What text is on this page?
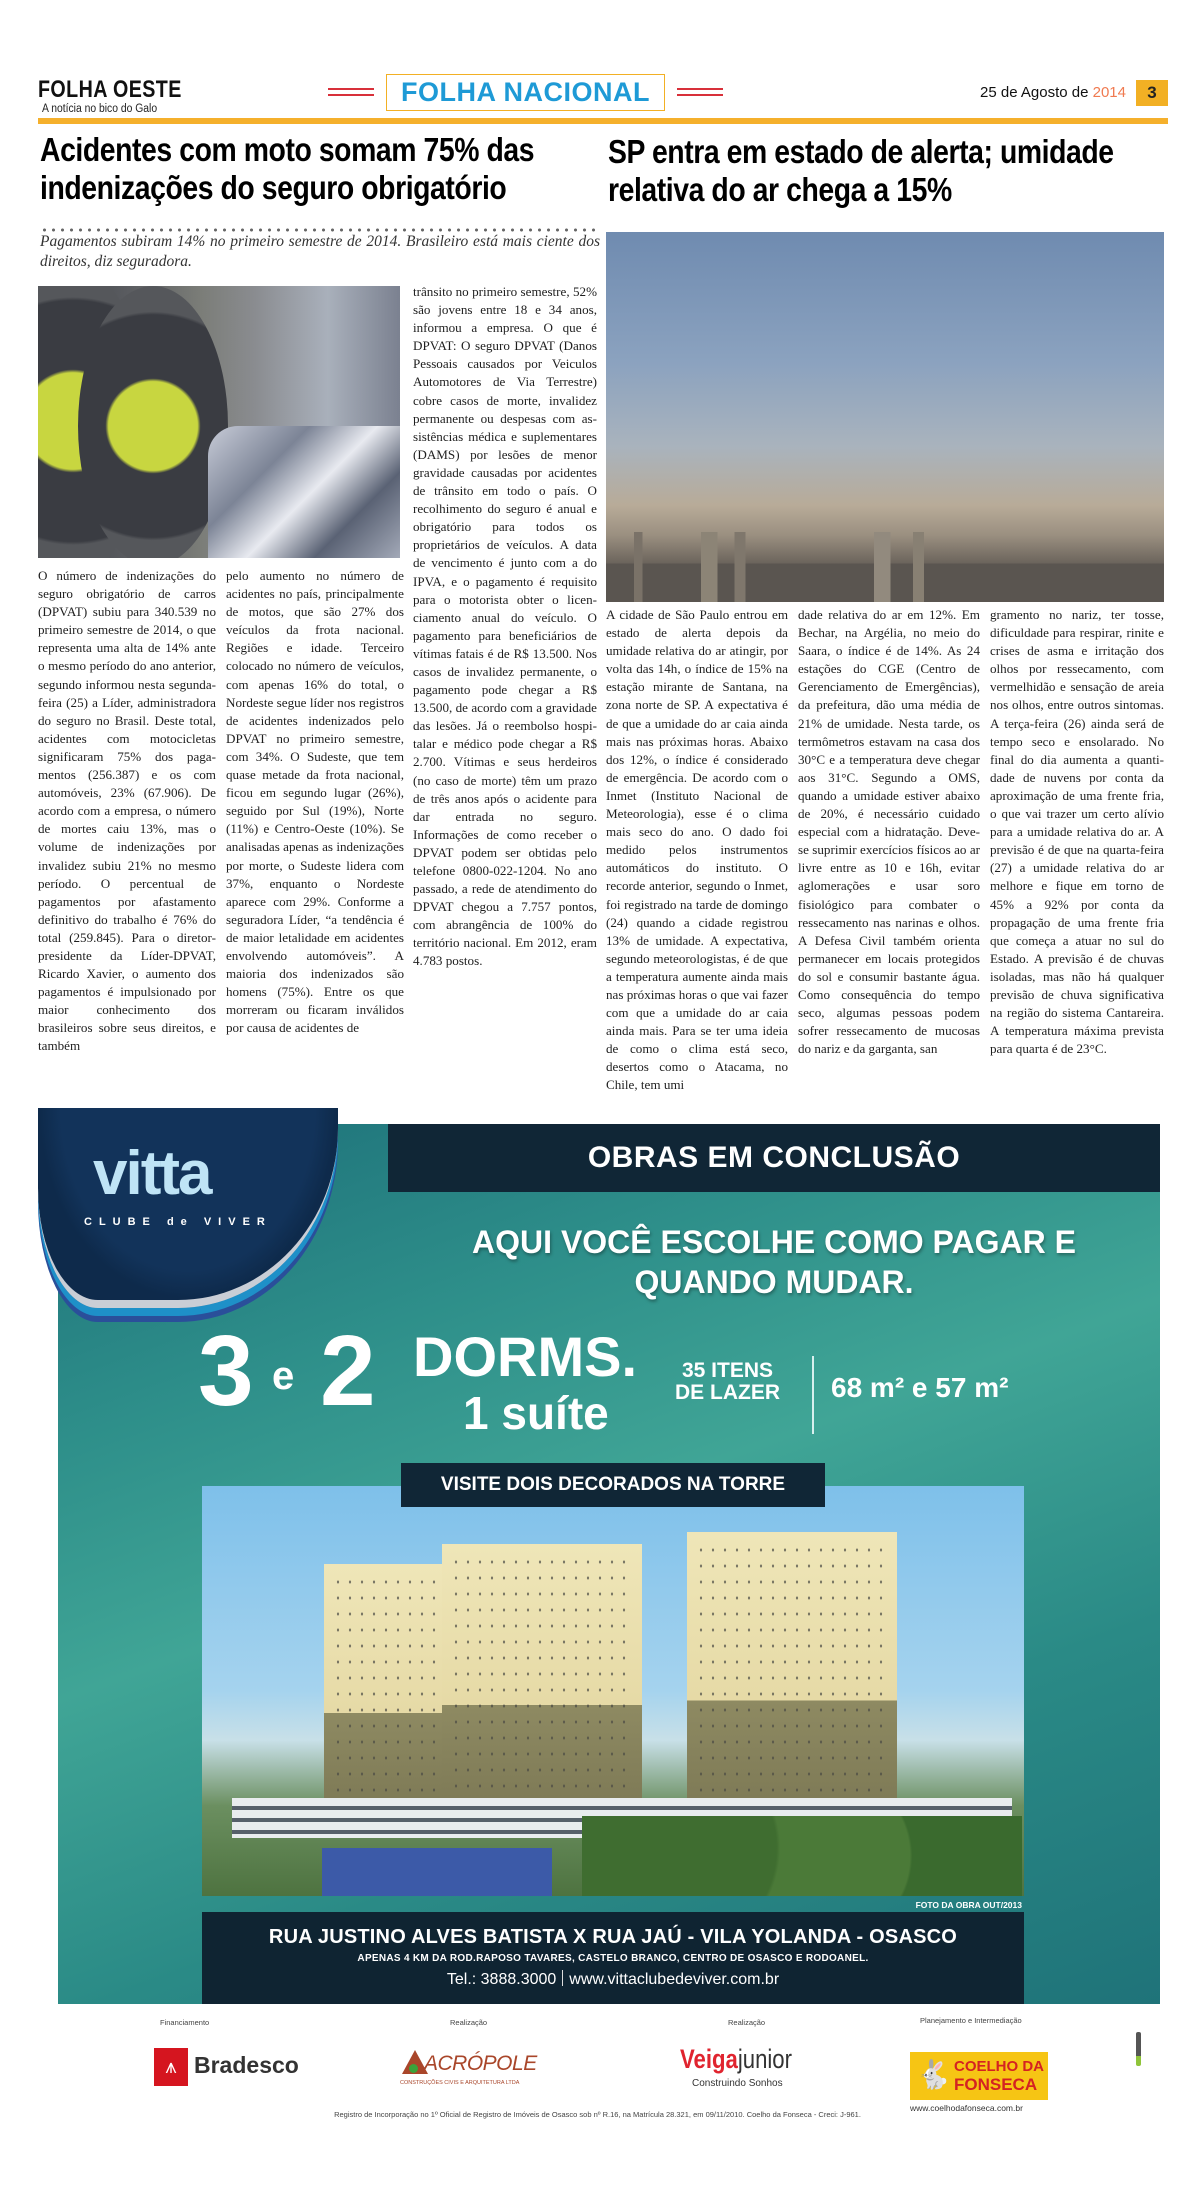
FOLHA OESTE
A notícia no bico do Galo
FOLHA NACIONAL	25 de Agosto de 2014	3
Acidentes com moto somam 75% das
indenizações do seguro obrigatório

Pagamentos subiram 14% no primeiro semestre de 2014. Brasileiro está mais ciente dos direitos, diz seguradora.

O número de indenizações do seguro obrigatório de carros (DPVAT) subiu para 340.539 no primeiro semestre de 2014, o que representa uma alta de 14% ante o mesmo período do ano anterior, segundo informou nesta segunda-feira (25) a Líder, administradora do seguro no Brasil. Deste total, acidentes com motocicletas significaram 75% dos pagamentos (256.387) e os com automóveis, 23% (67.906). De acordo com a empresa, o número de mortes caiu 13%, mas o volume de indenizações por invalidez subiu 21% no mesmo período. O percentual de pagamentos por afastamento definitivo do trabalho é 76% do total (259.845). Para o diretor-presidente da Líder-DPVAT, Ricardo Xavier, o aumento dos pagamentos é impulsionado por maior conhecimento dos brasileiros sobre seus direitos, e também
pelo aumento no número de acidentes no país, principalmente de motos, que são 27% dos veículos da frota nacional. Regiões e idade. Terceiro colocado no número de veículos, com apenas 16% do total, o Nordeste segue líder nos registros de acidentes indenizados pelo DPVAT no primeiro semestre, com 34%. O Sudeste, que tem quase metade da frota nacional, ficou em segundo lugar (26%), seguido por Sul (19%), Norte (11%) e Centro-Oeste (10%). Se analisadas apenas as indenizações por morte, o Sudeste lidera com 37%, enquanto o Nordeste aparece com 29%. Conforme a seguradora Líder, “a tendência é de maior letalidade em acidentes envolvendo automóveis”. A maioria dos indenizados são homens (75%). Entre os que morreram ou ficaram inválidos por causa de acidentes de
trânsito no primeiro semestre, 52% são jovens entre 18 e 34 anos, informou a empresa. O que é DPVAT: O seguro DPVAT (Danos Pessoais causados por Veiculos Automotores de Via Terrestre) cobre casos de morte, invalidez permanente ou despesas com assistências médica e suplementares (DAMS) por lesões de menor gravidade causadas por acidentes de trânsito em todo o país. O recolhimento do seguro é anual e obrigatório para todos os proprietários de veículos. A data de vencimento é junto com a do IPVA, e o pagamento é requisito para o motorista obter o licenciamento anual do veículo. O pagamento para beneficiários de vítimas fatais é de R$ 13.500. Nos casos de invalidez permanente, o pagamento pode chegar a R$ 13.500, de acordo com a gravidade das lesões. Já o reembolso hospitalar e médico pode chegar a R$ 2.700. Vítimas e seus herdeiros (no caso de morte) têm um prazo de três anos após o acidente para dar entrada no seguro. Informações de como receber o DPVAT podem ser obtidas pelo telefone 0800-022-1204. No ano passado, a rede de atendimento do DPVAT chegou a 7.757 pontos, com abrangência de 100% do território nacional. Em 2012, eram 4.783 postos.
SP entra em estado de alerta; umidade
relativa do ar chega a 15%
A cidade de São Paulo entrou em estado de alerta depois da umidade relativa do ar atingir, por volta das 14h, o índice de 15% na estação mirante de Santana, na zona norte de SP. A expectativa é de que a umidade do ar caia ainda mais nas próximas horas. Abaixo dos 12%, o índice é considerado de emergência. De acordo com o Inmet (Instituto Nacional de Meteorologia), esse é o clima mais seco do ano. O dado foi medido pelos instrumentos automáticos do instituto. O recorde anterior, segundo o Inmet, foi registrado na tarde de domingo (24) quando a cidade registrou 13% de umidade. A expectativa, segundo meteorologistas, é de que a temperatura aumente ainda mais nas próximas horas o que vai fazer com que a umidade do ar caia ainda mais. Para se ter uma ideia de como o clima está seco, desertos como o Atacama, no Chile, tem umi
dade relativa do ar em 12%. Em Bechar, na Argélia, no meio do Saara, o índice é de 14%. As 24 estações do CGE (Centro de Gerenciamento de Emergências), da prefeitura, dão uma média de 21% de umidade. Nesta tarde, os termômetros estavam na casa dos 30°C e a temperatura deve chegar aos 31°C. Segundo a OMS, quando a umidade estiver abaixo de 20%, é necessário cuidado especial com a hidratação. Deve-se suprimir exercícios físicos ao ar livre entre as 10 e 16h, evitar aglomerações e usar soro fisiológico para combater o ressecamento nas narinas e olhos. A Defesa Civil também orienta permanecer em locais protegidos do sol e consumir bastante água. Como consequência do tempo seco, algumas pessoas podem sofrer ressecamento de mucosas do nariz e da garganta, san
gramento no nariz, ter tosse, dificuldade para respirar, rinite e crises de asma e irritação dos olhos por ressecamento, com vermelhidão e sensação de areia nos olhos, entre outros sintomas. A terça-feira (26) ainda será de tempo seco e ensolarado. No final do dia aumenta a quantidade de nuvens por conta da aproximação de uma frente fria, o que vai trazer um certo alívio para a umidade relativa do ar. A previsão é de que na quarta-feira (27) a umidade relativa do ar melhore e fique em torno de 45% a 92% por conta da propagação de uma frente fria que começa a atuar no sul do Estado. A previsão é de chuvas isoladas, mas não há qualquer previsão de chuva significativa na região do sistema Cantareira. A temperatura máxima prevista para quarta é de 23°C.
OBRAS EM CONCLUSÃO
AQUI VOCÊ ESCOLHE COMO PAGAR E
QUANDO MUDAR.
3 e 2 DORMS.
1 suíte
35 ITENS
DE LAZER 68 m² e 57 m²
VISITE DOIS DECORADOS NA TORRE
FOTO DA OBRA OUT/2013
RUA JUSTINO ALVES BATISTA X RUA JAÚ - VILA YOLANDA - OSASCO
APENAS 4 KM DA ROD.RAPOSO TAVARES, CASTELO BRANCO, CENTRO DE OSASCO E RODOANEL.
Tel.: 3888.3000 www.vittaclubedeviver.com.br
vitta
CLUBE de VIVER
Financiamento
⩚ Bradesco
Realização
ACRÓPOLE
CONSTRUÇÕES CIVIS E ARQUITETURA LTDA
Realização
Veigajunior
Construindo Sonhos
Planejamento e Intermediação
🐇 COELHO DA
FONSECA
www.coelhodafonseca.com.br
Registro de Incorporação no 1º Oficial de Registro de Imóveis de Osasco sob nº R.16, na Matrícula 28.321, em 09/11/2010. Coelho da Fonseca - Creci: J-961.
